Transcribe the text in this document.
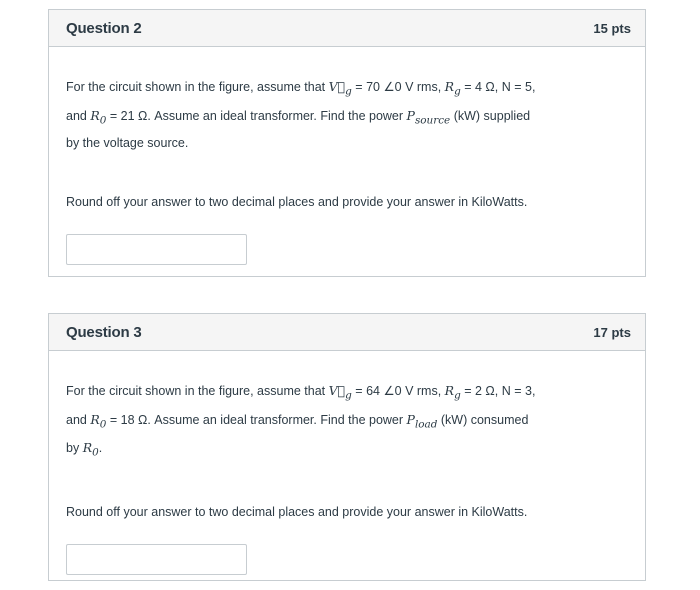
Question 2	15 pts

For the circuit shown in the figure, assume that $V⃗_g = 70$ ∠0 V rms, $R_g = 4$ Ω, N = 5,
and $R_0 = 21$ Ω. Assume an ideal transformer. Find the power $P_{source}$ (kW) supplied
by the voltage source.

Round off your answer to two decimal places and provide your answer in KiloWatts.

Question 3	17 pts

For the circuit shown in the figure, assume that $V⃗_g = 64$ ∠0 V rms, $R_g = 2$ Ω, N = 3,
and $R_0 = 18$ Ω. Assume an ideal transformer. Find the power $P_{load}$ (kW) consumed
by $R_0$.

Round off your answer to two decimal places and provide your answer in KiloWatts.
